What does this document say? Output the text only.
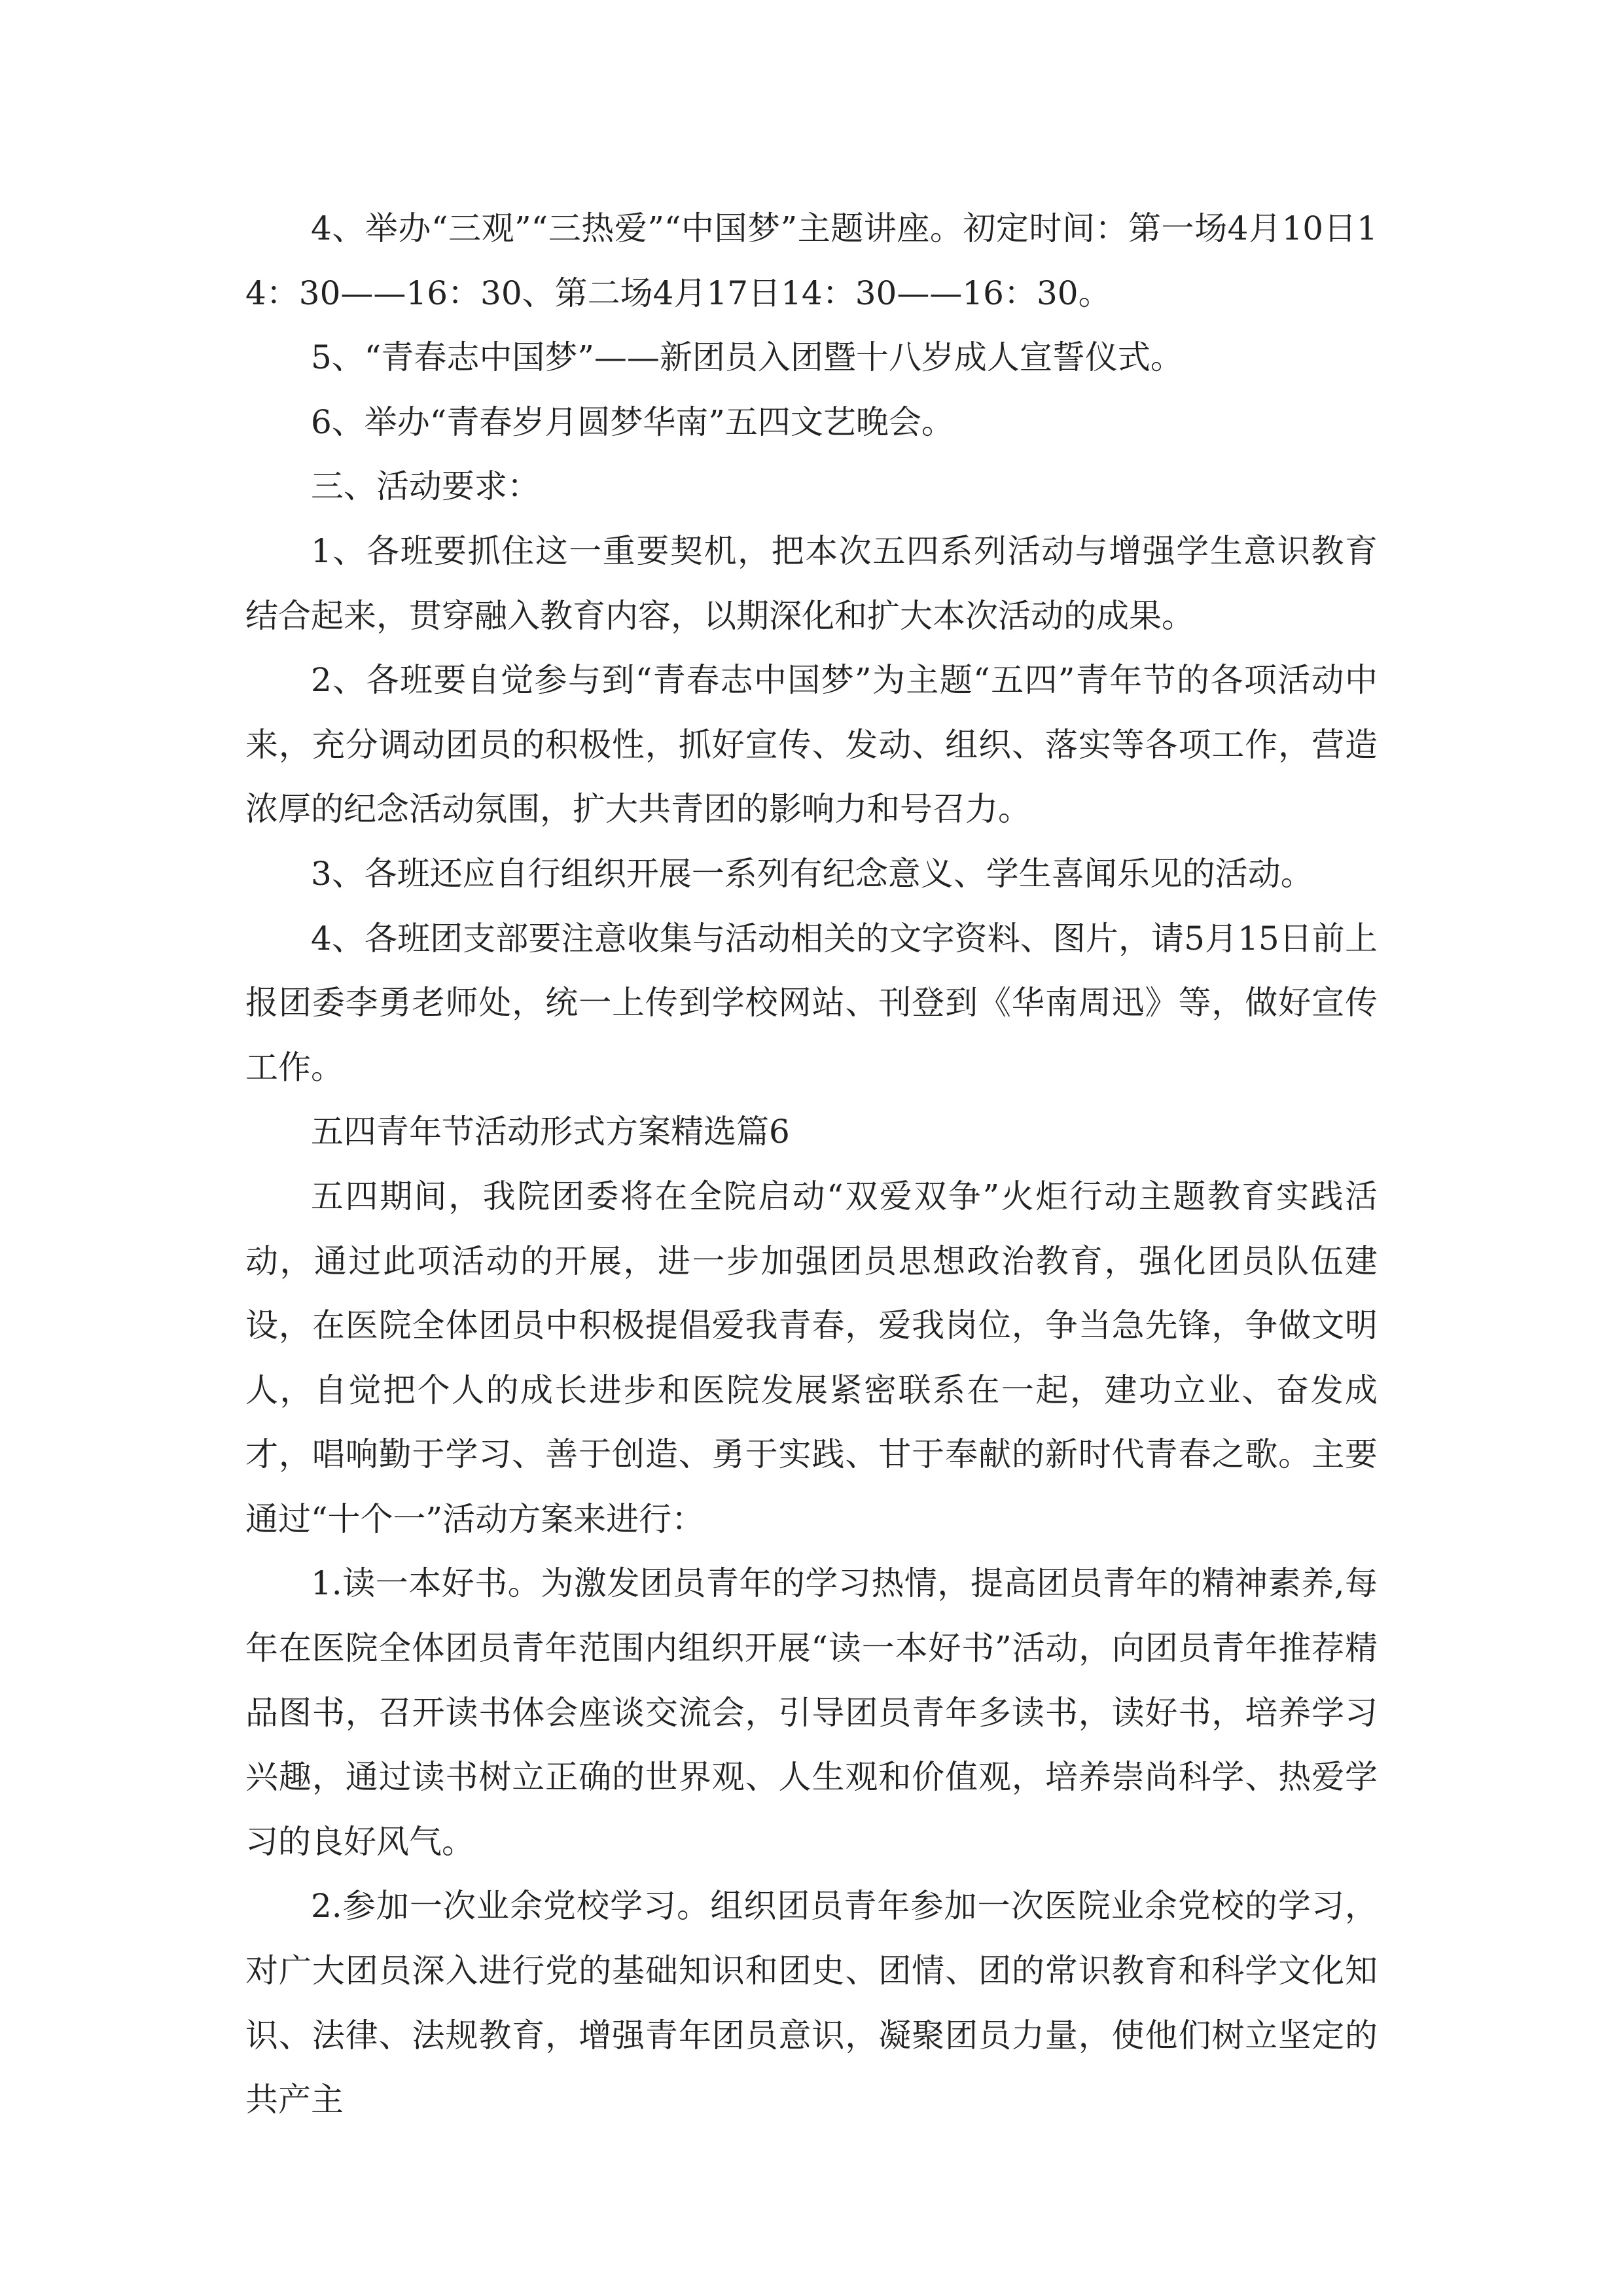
4、举办“三观”“三热爱”“中国梦”主题讲座。初定时间：第一场4月10日14：30——16：30、第二场4月17日14：30——16：30。

5、“青春志中国梦”——新团员入团暨十八岁成人宣誓仪式。

6、举办“青春岁月圆梦华南”五四文艺晚会。

三、活动要求：

1、各班要抓住这一重要契机，把本次五四系列活动与增强学生意识教育结合起来，贯穿融入教育内容，以期深化和扩大本次活动的成果。

2、各班要自觉参与到“青春志中国梦”为主题“五四”青年节的各项活动中来，充分调动团员的积极性，抓好宣传、发动、组织、落实等各项工作，营造浓厚的纪念活动氛围，扩大共青团的影响力和号召力。

3、各班还应自行组织开展一系列有纪念意义、学生喜闻乐见的活动。

4、各班团支部要注意收集与活动相关的文字资料、图片，请5月15日前上报团委李勇老师处，统一上传到学校网站、刊登到《华南周迅》等，做好宣传工作。

五四青年节活动形式方案精选篇6

五四期间，我院团委将在全院启动“双爱双争”火炬行动主题教育实践活动，通过此项活动的开展，进一步加强团员思想政治教育，强化团员队伍建设，在医院全体团员中积极提倡爱我青春，爱我岗位，争当急先锋，争做文明人，自觉把个人的成长进步和医院发展紧密联系在一起，建功立业、奋发成才，唱响勤于学习、善于创造、勇于实践、甘于奉献的新时代青春之歌。主要通过“十个一”活动方案来进行：

1.读一本好书。为激发团员青年的学习热情，提高团员青年的精神素养,每年在医院全体团员青年范围内组织开展“读一本好书”活动，向团员青年推荐精品图书，召开读书体会座谈交流会，引导团员青年多读书，读好书，培养学习兴趣，通过读书树立正确的世界观、人生观和价值观，培养崇尚科学、热爱学习的良好风气。

2.参加一次业余党校学习。组织团员青年参加一次医院业余党校的学习，对广大团员深入进行党的基础知识和团史、团情、团的常识教育和科学文化知识、法律、法规教育，增强青年团员意识，凝聚团员力量，使他们树立坚定的共产主
